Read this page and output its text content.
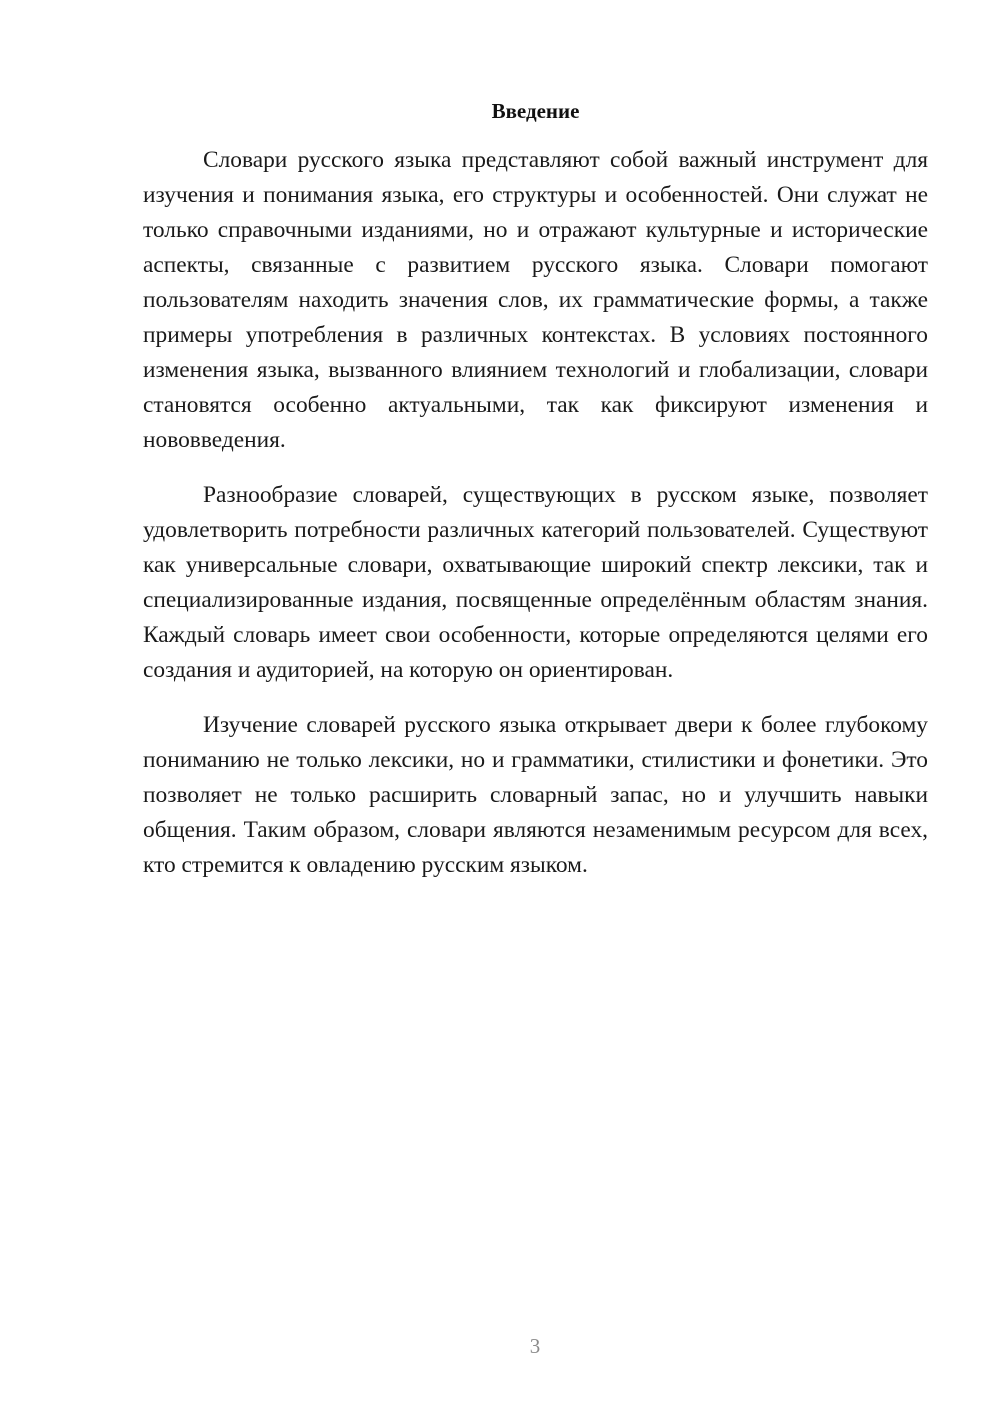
Введение

Словари русского языка представляют собой важный инструмент для изучения и понимания языка, его структуры и особенностей. Они служат не только справочными изданиями, но и отражают культурные и исторические аспекты, связанные с развитием русского языка. Словари помогают пользователям находить значения слов, их грамматические формы, а также примеры употребления в различных контекстах. В условиях постоянного изменения языка, вызванного влиянием технологий и глобализации, словари становятся особенно актуальными, так как фиксируют изменения и нововведения.

Разнообразие словарей, существующих в русском языке, позволяет удовлетворить потребности различных категорий пользователей. Существуют как универсальные словари, охватывающие широкий спектр лексики, так и специализированные издания, посвященные определённым областям знания. Каждый словарь имеет свои особенности, которые определяются целями его создания и аудиторией, на которую он ориентирован.

Изучение словарей русского языка открывает двери к более глубокому пониманию не только лексики, но и грамматики, стилистики и фонетики. Это позволяет не только расширить словарный запас, но и улучшить навыки общения. Таким образом, словари являются незаменимым ресурсом для всех, кто стремится к овладению русским языком.

3
